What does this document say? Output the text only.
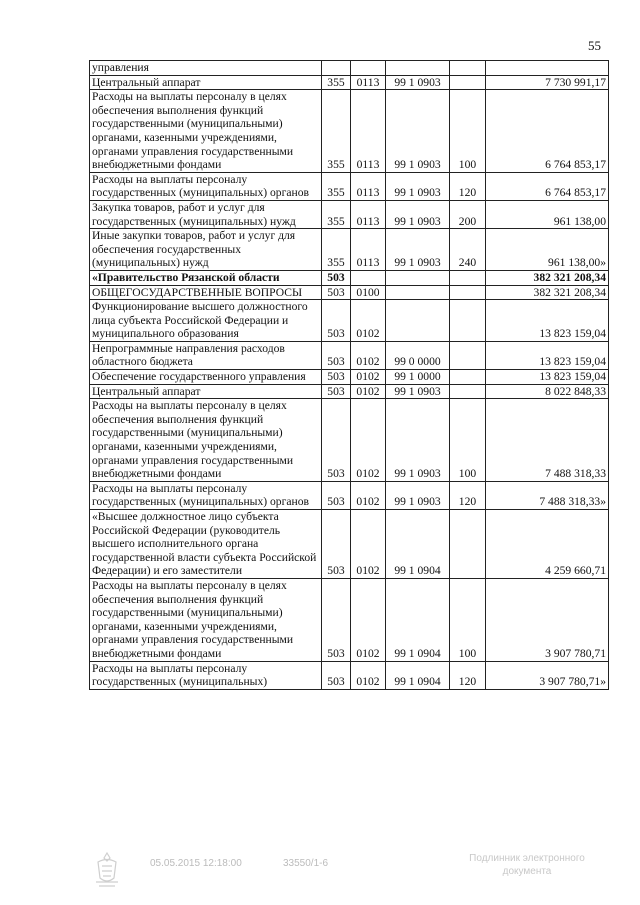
55
управления					
Центральный аппарат	355	0113	99 1 0903		7 730 991,17
Расходы на выплаты персоналу в целях обеспечения выполнения функций государственными (муниципальными) органами, казенными учреждениями, органами управления государственными внебюджетными фондами	355	0113	99 1 0903	100	6 764 853,17
Расходы на выплаты персоналу государственных (муниципальных) органов	355	0113	99 1 0903	120	6 764 853,17
Закупка товаров, работ и услуг для государственных (муниципальных) нужд	355	0113	99 1 0903	200	961 138,00
Иные закупки товаров, работ и услуг для обеспечения государственных (муниципальных) нужд	355	0113	99 1 0903	240	961 138,00»
«Правительство Рязанской области	503				382 321 208,34
ОБЩЕГОСУДАРСТВЕННЫЕ ВОПРОСЫ	503	0100			382 321 208,34
Функционирование высшего должностного лица субъекта Российской Федерации и муниципального образования	503	0102			13 823 159,04
Непрограммные направления расходов областного бюджета	503	0102	99 0 0000		13 823 159,04
Обеспечение государственного управления	503	0102	99 1 0000		13 823 159,04
Центральный аппарат	503	0102	99 1 0903		8 022 848,33
Расходы на выплаты персоналу в целях обеспечения выполнения функций государственными (муниципальными) органами, казенными учреждениями, органами управления государственными внебюджетными фондами	503	0102	99 1 0903	100	7 488 318,33
Расходы на выплаты персоналу государственных (муниципальных) органов	503	0102	99 1 0903	120	7 488 318,33»
«Высшее должностное лицо субъекта Российской Федерации (руководитель высшего исполнительного органа государственной власти субъекта Российской Федерации) и его заместители	503	0102	99 1 0904		4 259 660,71
Расходы на выплаты персоналу в целях обеспечения выполнения функций государственными (муниципальными) органами, казенными учреждениями, органами управления государственными внебюджетными фондами	503	0102	99 1 0904	100	3 907 780,71
Расходы на выплаты персоналу государственных (муниципальных)	503	0102	99 1 0904	120	3 907 780,71»
05.05.2015 12:18:00	33550/1-6	Подлинник электронного
документа
